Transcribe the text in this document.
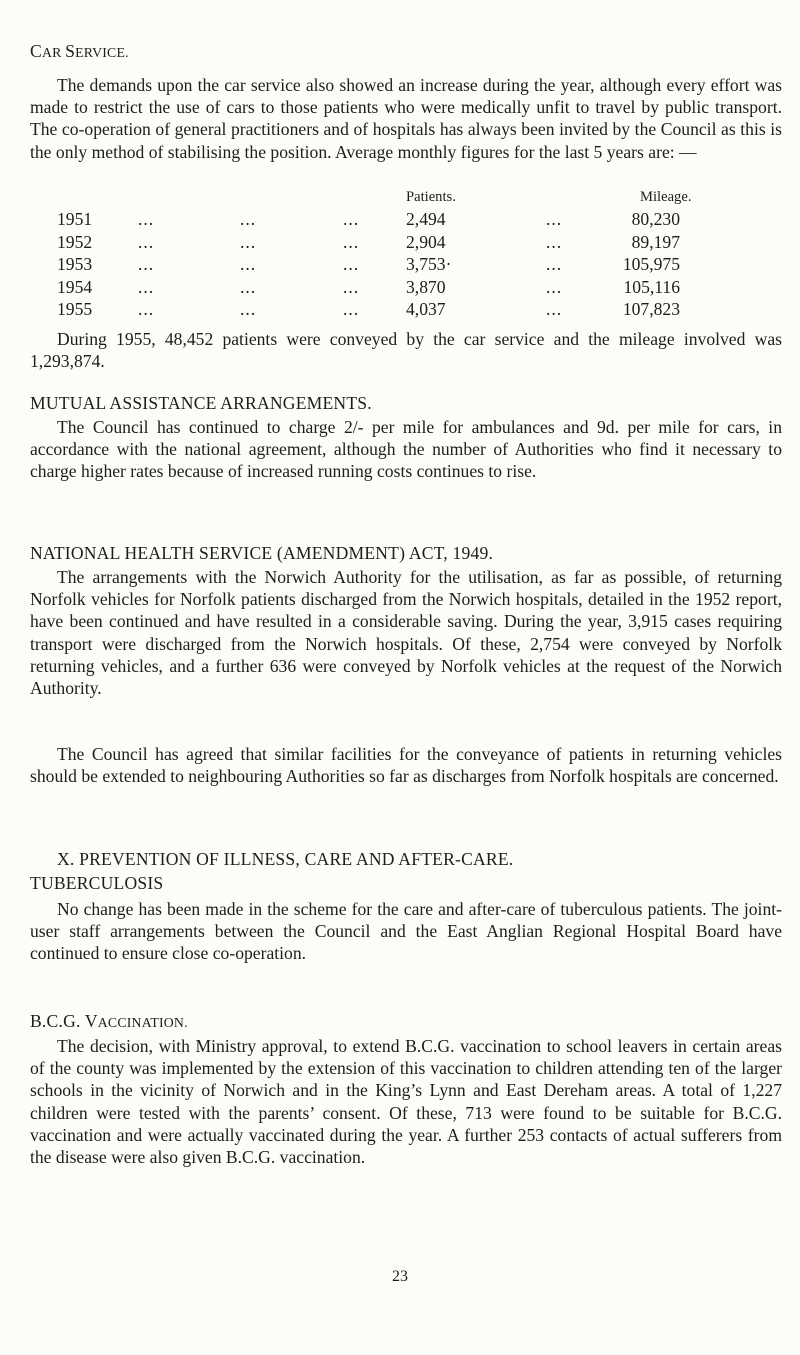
CAR SERVICE.

The demands upon the car service also showed an increase during the year, although every effort was made to restrict the use of cars to those patients who were medically unfit to travel by public transport. The co-operation of general practitioners and of hospitals has always been invited by the Council as this is the only method of stabilising the position. Average monthly figures for the last 5 years are: —

Patients.	Mileage.
1951	...	...	...	2,494	...	80,230
1952	...	...	...	2,904	...	89,197
1953	...	...	...	3,753·	...	105,975
1954	...	...	...	3,870	...	105,116
1955	...	...	...	4,037	...	107,823

During 1955, 48,452 patients were conveyed by the car service and the mileage involved was 1,293,874.

MUTUAL ASSISTANCE ARRANGEMENTS.

The Council has continued to charge 2/- per mile for ambulances and 9d. per mile for cars, in accordance with the national agreement, although the number of Authorities who find it necessary to charge higher rates because of increased running costs continues to rise.

NATIONAL HEALTH SERVICE (AMENDMENT) ACT, 1949.

The arrangements with the Norwich Authority for the utilisation, as far as possible, of returning Norfolk vehicles for Norfolk patients discharged from the Norwich hospitals, detailed in the 1952 report, have been continued and have resulted in a considerable saving. During the year, 3,915 cases requiring transport were discharged from the Norwich hospitals. Of these, 2,754 were conveyed by Norfolk returning vehicles, and a further 636 were conveyed by Norfolk vehicles at the request of the Norwich Authority.

The Council has agreed that similar facilities for the conveyance of patients in returning vehicles should be extended to neighbouring Authorities so far as discharges from Norfolk hospitals are concerned.

X. PREVENTION OF ILLNESS, CARE AND AFTER-CARE.
TUBERCULOSIS

No change has been made in the scheme for the care and after-care of tuberculous patients. The joint-user staff arrangements between the Council and the East Anglian Regional Hospital Board have continued to ensure close co-operation.

B.C.G. VACCINATION.

The decision, with Ministry approval, to extend B.C.G. vaccination to school leavers in certain areas of the county was implemented by the extension of this vaccination to children attending ten of the larger schools in the vicinity of Norwich and in the King’s Lynn and East Dereham areas. A total of 1,227 children were tested with the parents’ consent. Of these, 713 were found to be suitable for B.C.G. vaccination and were actually vaccinated during the year. A further 253 contacts of actual sufferers from the disease were also given B.C.G. vaccination.

23
